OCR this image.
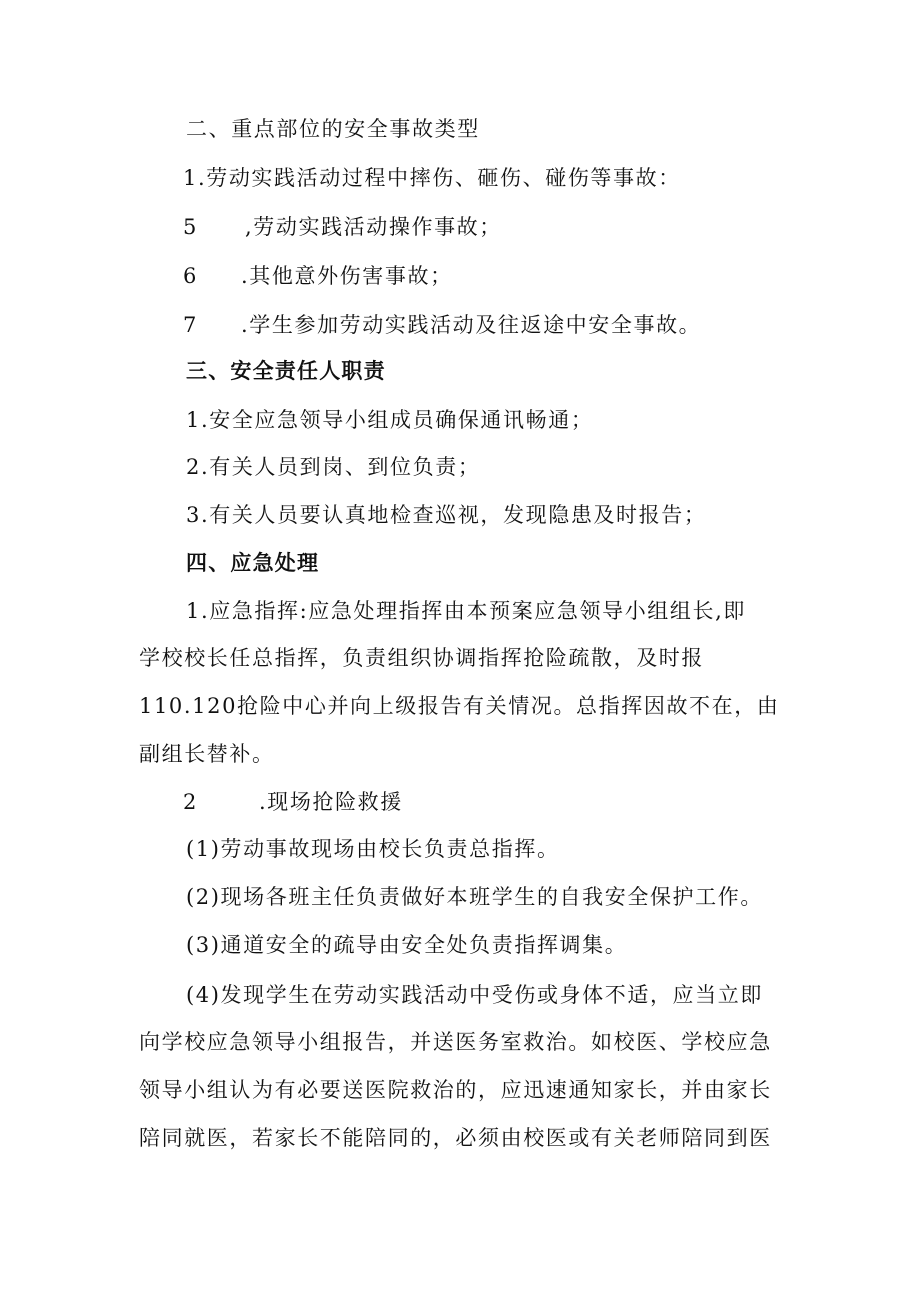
二、重点部位的安全事故类型
1.劳动实践活动过程中摔伤、砸伤、碰伤等事故：
5 ,劳动实践活动操作事故；
6 .其他意外伤害事故；
7 .学生参加劳动实践活动及往返途中安全事故。
三、安全责任人职责
1.安全应急领导小组成员确保通讯畅通；
2.有关人员到岗、到位负责；
3.有关人员要认真地检查巡视，发现隐患及时报告；
四、应急处理
1.应急指挥:应急处理指挥由本预案应急领导小组组长,即
学校校长任总指挥，负责组织协调指挥抢险疏散，及时报
110.120抢险中心并向上级报告有关情况。总指挥因故不在，由
副组长替补。
2	.现场抢险救援
(1)劳动事故现场由校长负责总指挥。
(2)现场各班主任负责做好本班学生的自我安全保护工作。
(3)通道安全的疏导由安全处负责指挥调集。
(4)发现学生在劳动实践活动中受伤或身体不适，应当立即
向学校应急领导小组报告，并送医务室救治。如校医、学校应急
领导小组认为有必要送医院救治的，应迅速通知家长，并由家长
陪同就医，若家长不能陪同的，必须由校医或有关老师陪同到医
